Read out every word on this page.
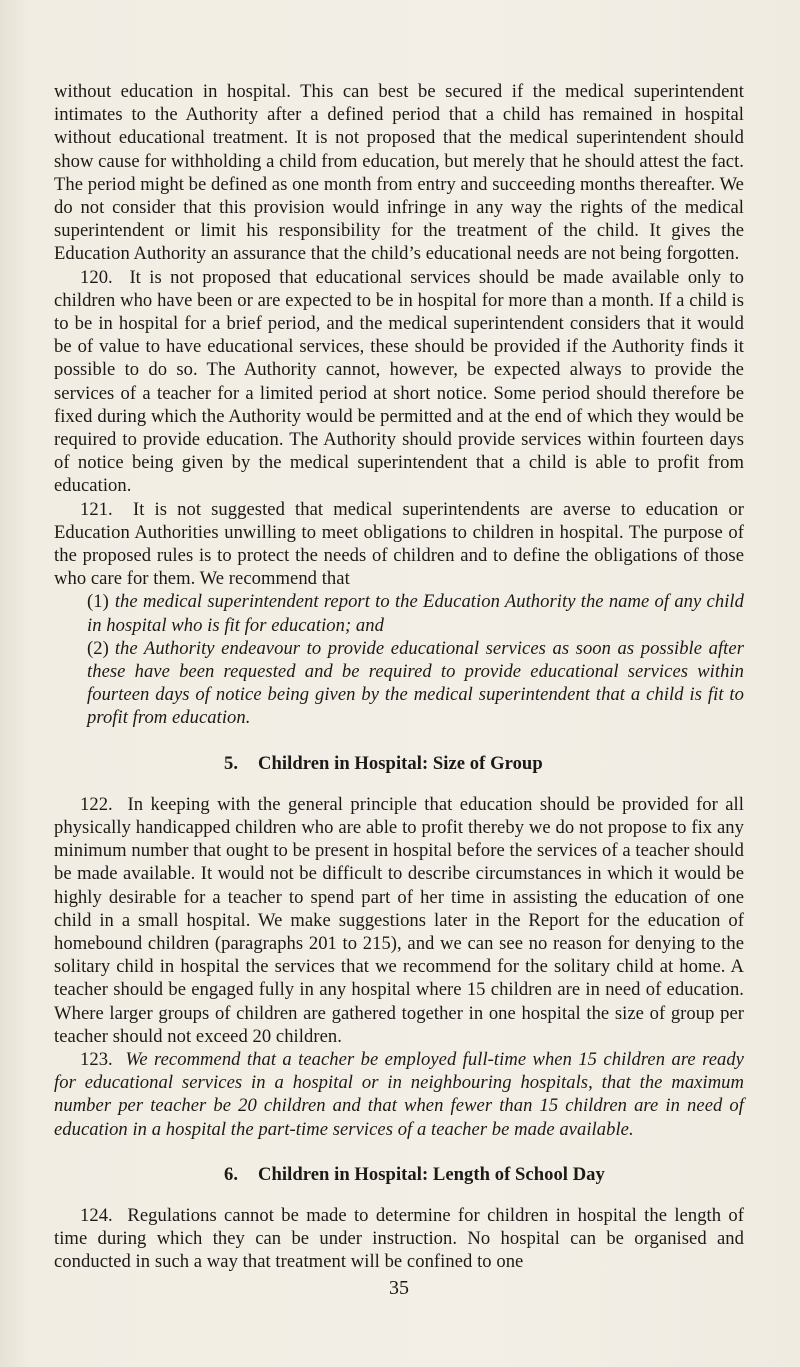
without education in hospital. This can best be secured if the medical superintendent intimates to the Authority after a defined period that a child has remained in hospital without educational treatment. It is not proposed that the medical superintendent should show cause for withholding a child from education, but merely that he should attest the fact. The period might be defined as one month from entry and succeeding months thereafter. We do not consider that this provision would infringe in any way the rights of the medical superintendent or limit his responsibility for the treatment of the child. It gives the Education Authority an assurance that the child’s educational needs are not being forgotten.

120. It is not proposed that educational services should be made available only to children who have been or are expected to be in hospital for more than a month. If a child is to be in hospital for a brief period, and the medical superintendent considers that it would be of value to have educational services, these should be provided if the Authority finds it possible to do so. The Authority cannot, however, be expected always to provide the services of a teacher for a limited period at short notice. Some period should therefore be fixed during which the Authority would be permitted and at the end of which they would be required to provide education. The Authority should provide services within fourteen days of notice being given by the medical superintendent that a child is able to profit from education.

121. It is not suggested that medical superintendents are averse to education or Education Authorities unwilling to meet obligations to children in hospital. The purpose of the proposed rules is to protect the needs of children and to define the obligations of those who care for them. We recommend that

(1) the medical superintendent report to the Education Authority the name of any child in hospital who is fit for education; and

(2) the Authority endeavour to provide educational services as soon as possible after these have been requested and be required to provide educational services within fourteen days of notice being given by the medical superintendent that a child is fit to profit from education.

5. Children in Hospital: Size of Group

122. In keeping with the general principle that education should be provided for all physically handicapped children who are able to profit thereby we do not propose to fix any minimum number that ought to be present in hospital before the services of a teacher should be made available. It would not be difficult to describe circumstances in which it would be highly desirable for a teacher to spend part of her time in assisting the education of one child in a small hospital. We make suggestions later in the Report for the education of homebound children (paragraphs 201 to 215), and we can see no reason for denying to the solitary child in hospital the services that we recommend for the solitary child at home. A teacher should be engaged fully in any hospital where 15 children are in need of education. Where larger groups of children are gathered together in one hospital the size of group per teacher should not exceed 20 children.

123. We recommend that a teacher be employed full-time when 15 children are ready for educational services in a hospital or in neighbouring hospitals, that the maximum number per teacher be 20 children and that when fewer than 15 children are in need of education in a hospital the part-time services of a teacher be made available.

6. Children in Hospital: Length of School Day

124. Regulations cannot be made to determine for children in hospital the length of time during which they can be under instruction. No hospital can be organised and conducted in such a way that treatment will be confined to one

35
